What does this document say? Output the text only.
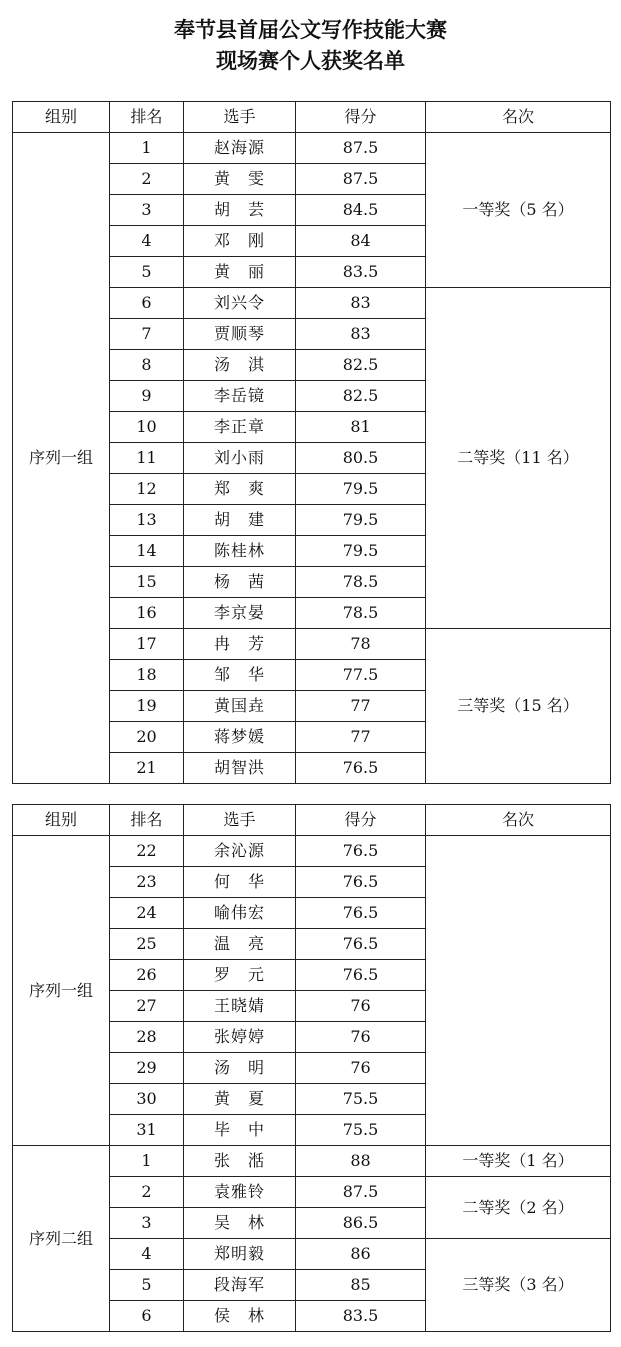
奉节县首届公文写作技能大赛
现场赛个人获奖名单
组别	排名	选手	得分	名次
序列一组	1	赵海源	87.5	一等奖（5 名）
	2	黄　雯	87.5	
	3	胡　芸	84.5	
	4	邓　刚	84	
	5	黄　丽	83.5	
	6	刘兴令	83	二等奖（11 名）
	7	贾顺琴	83	
	8	汤　淇	82.5	
	9	李岳镜	82.5	
	10	李正章	81	
	11	刘小雨	80.5	
	12	郑　爽	79.5	
	13	胡　建	79.5	
	14	陈桂林	79.5	
	15	杨　茜	78.5	
	16	李京晏	78.5	
	17	冉　芳	78	三等奖（15 名）
	18	邹　华	77.5	
	19	黄国垚	77	
	20	蒋梦媛	77	
	21	胡智洪	76.5	
组别	排名	选手	得分	名次
序列一组	22	余沁源	76.5	
	23	何　华	76.5	
	24	喻伟宏	76.5	
	25	温　亮	76.5	
	26	罗　元	76.5	
	27	王晓婧	76	
	28	张婷婷	76	
	29	汤　明	76	
	30	黄　夏	75.5	
	31	毕　中	75.5	
序列二组	1	张　湉	88	一等奖（1 名）
	2	袁雅铃	87.5	二等奖（2 名）
	3	吴　林	86.5	
	4	郑明毅	86	三等奖（3 名）
	5	段海军	85	
	6	侯　林	83.5	
